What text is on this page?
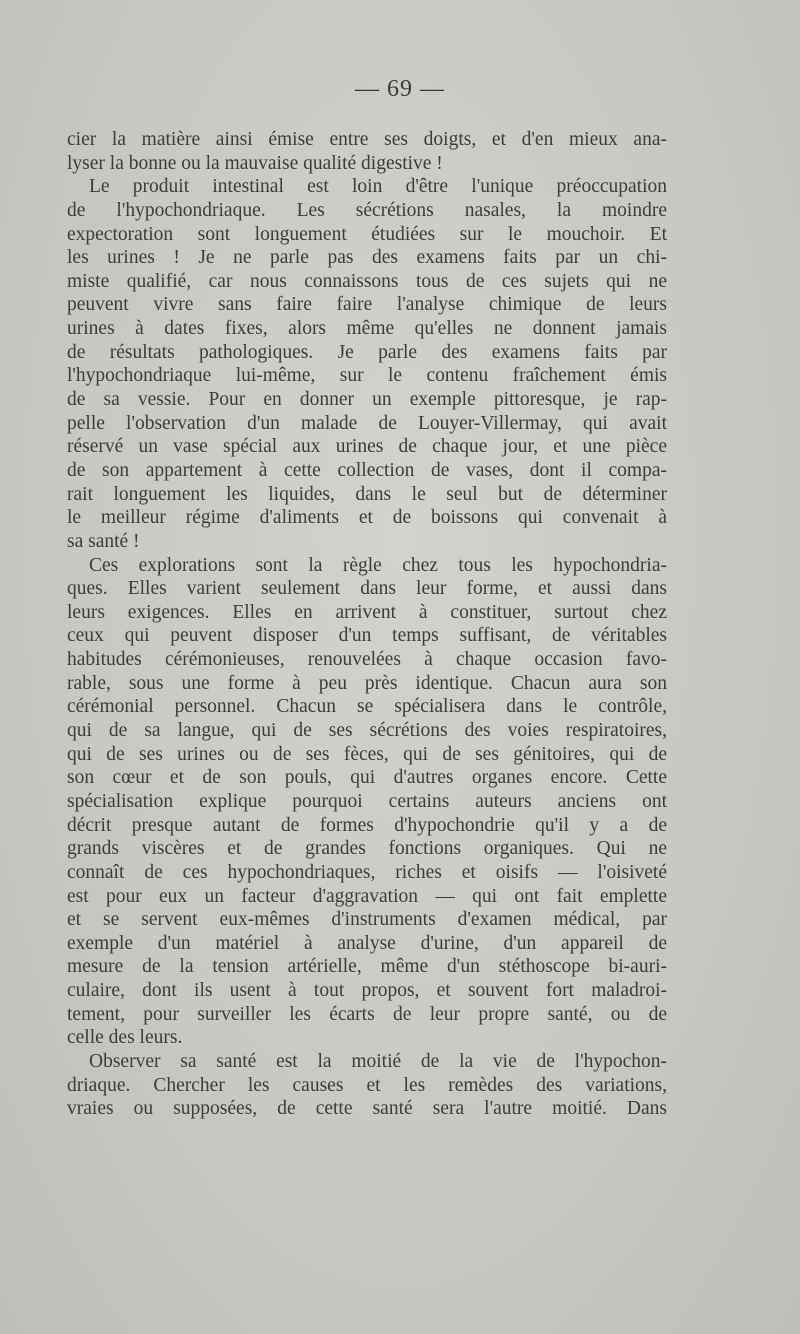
— 69 —
cier la matière ainsi émise entre ses doigts, et d'en mieux ana-
lyser la bonne ou la mauvaise qualité digestive !
Le produit intestinal est loin d'être l'unique préoccupation
de l'hypochondriaque. Les sécrétions nasales, la moindre
expectoration sont longuement étudiées sur le mouchoir. Et
les urines ! Je ne parle pas des examens faits par un chi-
miste qualifié, car nous connaissons tous de ces sujets qui ne
peuvent vivre sans faire faire l'analyse chimique de leurs
urines à dates fixes, alors même qu'elles ne donnent jamais
de résultats pathologiques. Je parle des examens faits par
l'hypochondriaque lui-même, sur le contenu fraîchement émis
de sa vessie. Pour en donner un exemple pittoresque, je rap-
pelle l'observation d'un malade de Louyer-Villermay, qui avait
réservé un vase spécial aux urines de chaque jour, et une pièce
de son appartement à cette collection de vases, dont il compa-
rait longuement les liquides, dans le seul but de déterminer
le meilleur régime d'aliments et de boissons qui convenait à
sa santé !
Ces explorations sont la règle chez tous les hypochondria-
ques. Elles varient seulement dans leur forme, et aussi dans
leurs exigences. Elles en arrivent à constituer, surtout chez
ceux qui peuvent disposer d'un temps suffisant, de véritables
habitudes cérémonieuses, renouvelées à chaque occasion favo-
rable, sous une forme à peu près identique. Chacun aura son
cérémonial personnel. Chacun se spécialisera dans le contrôle,
qui de sa langue, qui de ses sécrétions des voies respiratoires,
qui de ses urines ou de ses fèces, qui de ses génitoires, qui de
son cœur et de son pouls, qui d'autres organes encore. Cette
spécialisation explique pourquoi certains auteurs anciens ont
décrit presque autant de formes d'hypochondrie qu'il y a de
grands viscères et de grandes fonctions organiques. Qui ne
connaît de ces hypochondriaques, riches et oisifs — l'oisiveté
est pour eux un facteur d'aggravation — qui ont fait emplette
et se servent eux-mêmes d'instruments d'examen médical, par
exemple d'un matériel à analyse d'urine, d'un appareil de
mesure de la tension artérielle, même d'un stéthoscope bi-auri-
culaire, dont ils usent à tout propos, et souvent fort maladroi-
tement, pour surveiller les écarts de leur propre santé, ou de
celle des leurs.
Observer sa santé est la moitié de la vie de l'hypochon-
driaque. Chercher les causes et les remèdes des variations,
vraies ou supposées, de cette santé sera l'autre moitié. Dans
